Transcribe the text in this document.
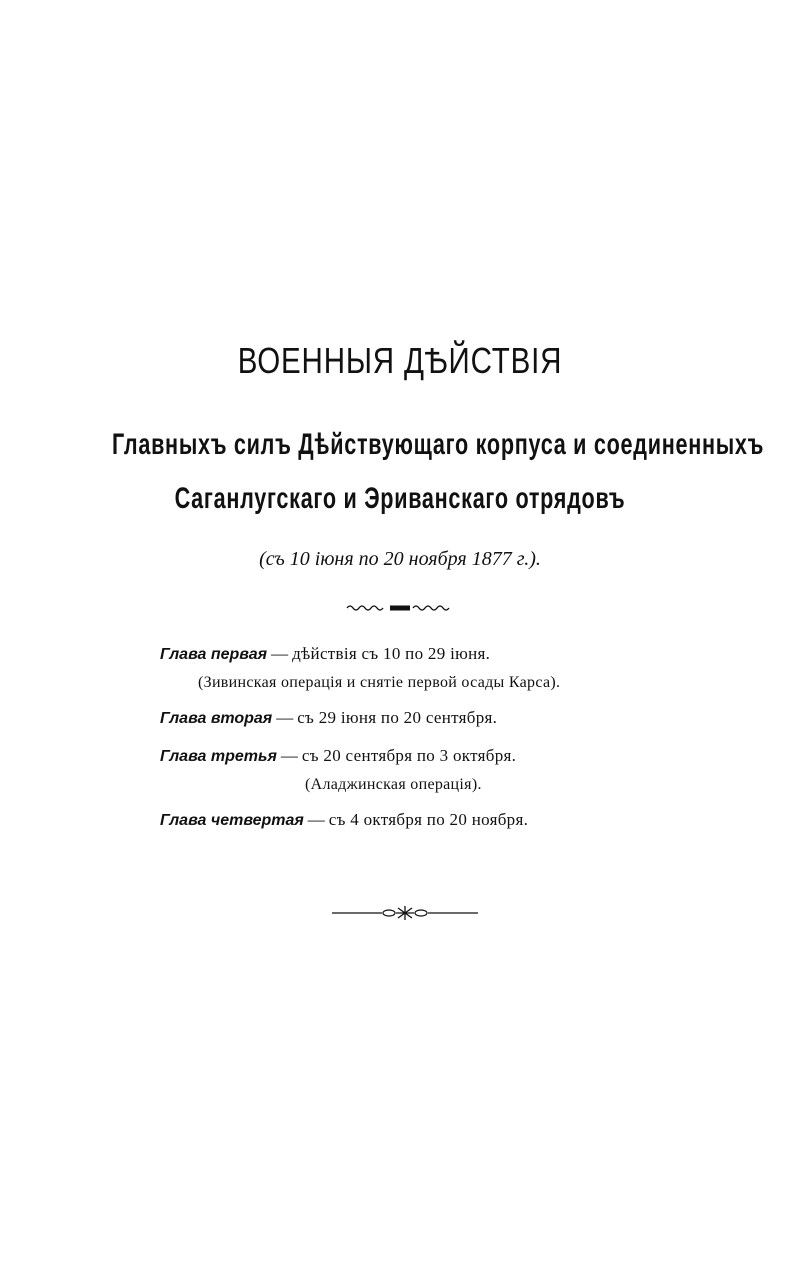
ВОЕННЫЯ ДѢЙСТВІЯ
Главныхъ силъ Дѣйствующаго корпуса и соединенныхъ
Саганлугскаго и Эриванскаго отрядовъ
(съ 10 іюня по 20 ноября 1877 г.).
Глава первая — дѣйствія съ 10 по 29 іюня.
(Зивинская операція и снятіе первой осады Карса).
Глава вторая — съ 29 іюня по 20 сентября.
Глава третья — съ 20 сентября по 3 октября.
(Аладжинская операція).
Глава четвертая — съ 4 октября по 20 ноября.
